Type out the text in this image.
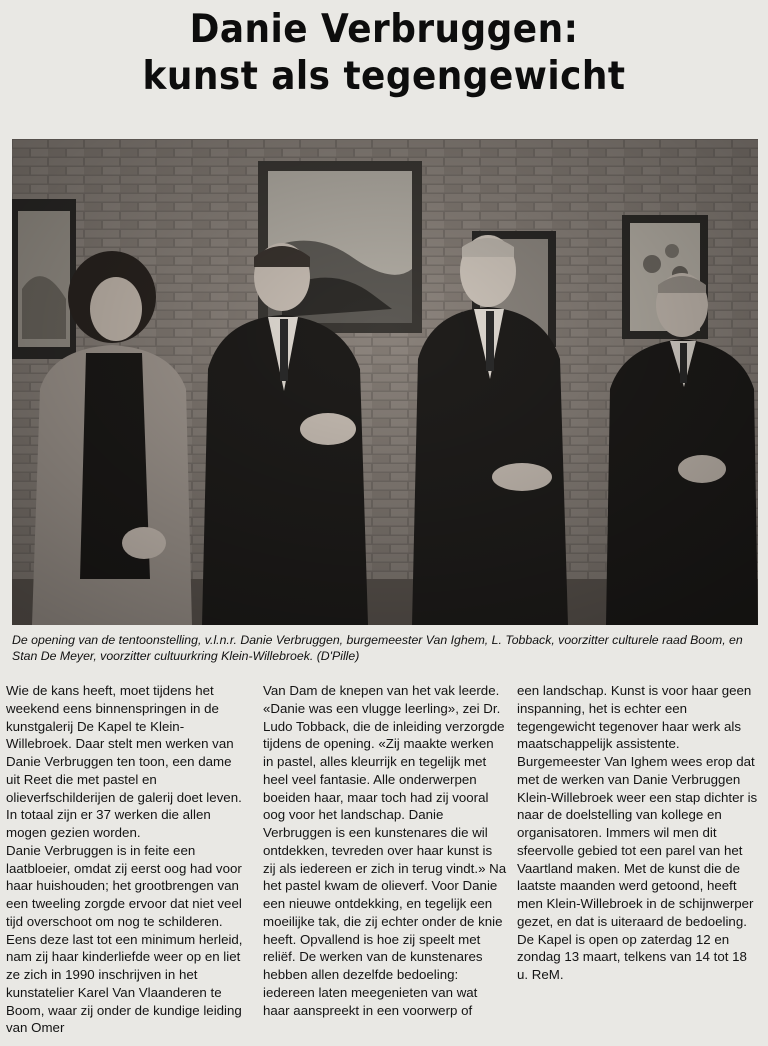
Danie Verbruggen:
kunst als tegengewicht
De opening van de tentoonstelling, v.l.n.r. Danie Verbruggen, burgemeester Van Ighem, L. Tobback, voorzitter culturele raad Boom, en Stan De Meyer, voorzitter cultuurkring Klein-Willebroek. (D'Pille)

Wie de kans heeft, moet tijdens het weekend eens binnenspringen in de kunstgalerij De Kapel te Klein-Willebroek. Daar stelt men werken van Danie Verbruggen ten toon, een dame uit Reet die met pastel en olieverfschilderijen de galerij doet leven. In totaal zijn er 37 werken die allen mogen gezien worden.

Danie Verbruggen is in feite een laatbloeier, omdat zij eerst oog had voor haar huishouden; het grootbrengen van een tweeling zorgde ervoor dat niet veel tijd overschoot om nog te schilderen. Eens deze last tot een minimum herleid, nam zij haar kinderliefde weer op en liet ze zich in 1990 inschrijven in het kunstatelier Karel Van Vlaanderen te Boom, waar zij onder de kundige leiding van Omer

Van Dam de knepen van het vak leerde. «Danie was een vlugge leerling», zei Dr. Ludo Tobback, die de inleiding verzorgde tijdens de opening. «Zij maakte werken in pastel, alles kleurrijk en tegelijk met heel veel fantasie. Alle onderwerpen boeiden haar, maar toch had zij vooral oog voor het landschap. Danie Verbruggen is een kunstenares die wil ontdekken, tevreden over haar kunst is zij als iedereen er zich in terug vindt.» Na het pastel kwam de olieverf. Voor Danie een nieuwe ontdekking, en tegelijk een moeilijke tak, die zij echter onder de knie heeft. Opvallend is hoe zij speelt met reliëf. De werken van de kunstenares hebben allen dezelfde bedoeling: iedereen laten meegenieten van wat haar aanspreekt in een voorwerp of

een landschap. Kunst is voor haar geen inspanning, het is echter een tegengewicht tegenover haar werk als maatschappelijk assistente.

Burgemeester Van Ighem wees erop dat met de werken van Danie Verbruggen Klein-Willebroek weer een stap dichter is naar de doelstelling van kollege en organisatoren. Immers wil men dit sfeervolle gebied tot een parel van het Vaartland maken. Met de kunst die de laatste maanden werd getoond, heeft men Klein-Willebroek in de schijnwerper gezet, en dat is uiteraard de bedoeling.

De Kapel is open op zaterdag 12 en zondag 13 maart, telkens van 14 tot 18 u. ReM.
